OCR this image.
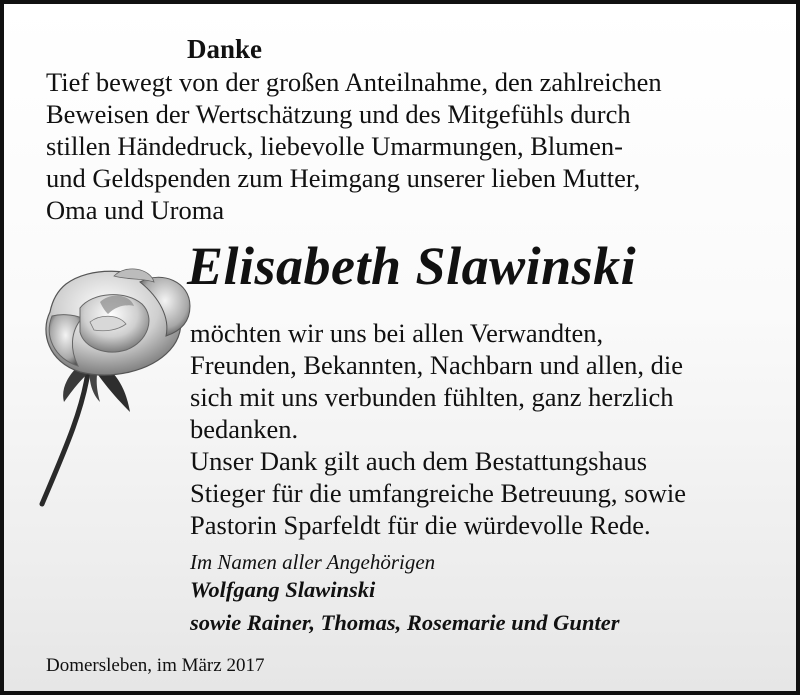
Danke
Tief bewegt von der großen Anteilnahme, den zahlreichen
Beweisen der Wertschätzung und des Mitgefühls durch
stillen Händedruck, liebevolle Umarmungen, Blumen-
und Geldspenden zum Heimgang unserer lieben Mutter,
Oma und Uroma
Elisabeth Slawinski
möchten wir uns bei allen Verwandten,
Freunden, Bekannten, Nachbarn und allen, die
sich mit uns verbunden fühlten, ganz herzlich
bedanken.
Unser Dank gilt auch dem Bestattungshaus
Stieger für die umfangreiche Betreuung, sowie
Pastorin Sparfeldt für die würdevolle Rede.
Im Namen aller Angehörigen
Wolfgang Slawinski
sowie Rainer, Thomas, Rosemarie und Gunter
Domersleben, im März 2017
